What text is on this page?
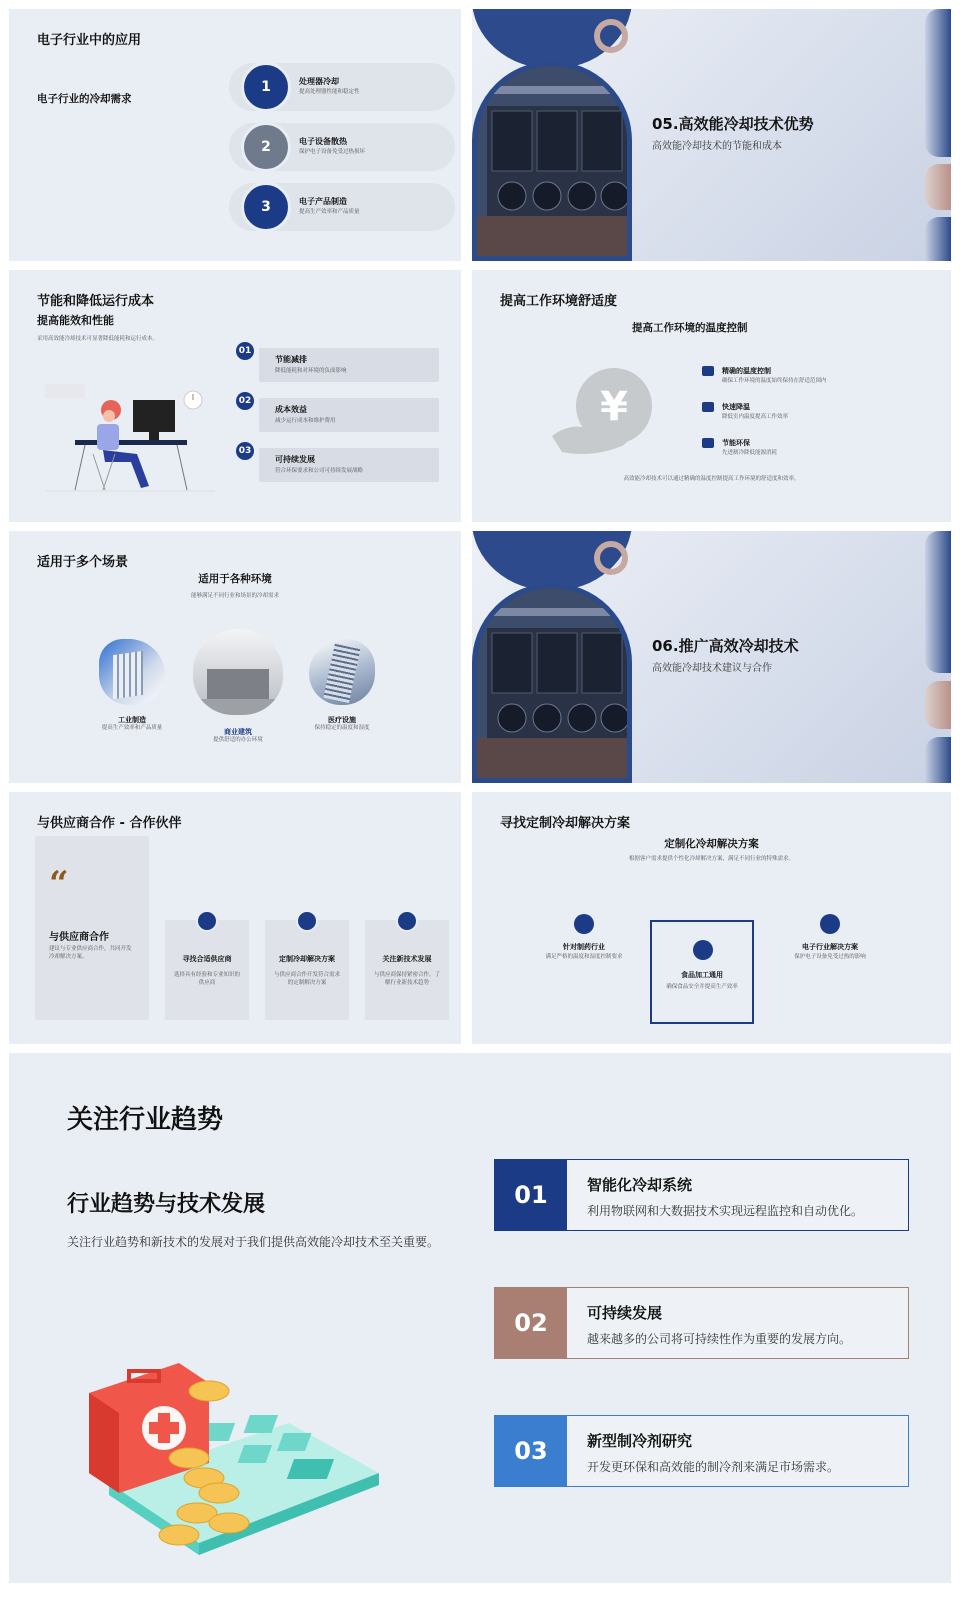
电子行业中的应用
电子行业的冷却需求
1	处理器冷却
提高处理器性能和稳定性
2	电子设备散热
保护电子设备免受过热损坏
3	电子产品制造
提高生产效率和产品质量
05.高效能冷却技术优势
高效能冷却技术的节能和成本
节能和降低运行成本
提高能效和性能
采用高效能冷却技术可显著降低能耗和运行成本。
01
节能减排
降低能耗和对环境的负面影响
02
成本效益
减少运行成本和维护费用
03
可持续发展
符合环保要求和公司可持续发展战略
提高工作环境舒适度
提高工作环境的温度控制
¥
精确的温度控制
确保工作环境的温度始终保持在舒适范围内
快速降温
降低室内温度提高工作效率
节能环保
先进制冷降低能源消耗
高效能冷却技术可以通过精确的温度控制提高工作环境的舒适度和效率。
适用于多个场景
适用于各种环境
能够满足不同行业和场景的冷却需求
工业制造
提高生产效率和产品质量	商业建筑
提供舒适的办公环境
医疗设施
保持稳定的温度和湿度
06.推广高效冷却技术
高效能冷却技术建议与合作
与供应商合作 - 合作伙伴
“
与供应商合作
建议与专业供应商合作，共同开发冷却解决方案。	寻找合适供应商
选择具有经验和专业知识的供应商
定制冷却解决方案
与供应商合作开发符合需求的定制解决方案
关注新技术发展
与供应商保持紧密合作，了解行业新技术趋势
寻找定制冷却解决方案
定制化冷却解决方案
根据客户需求提供个性化冷却解决方案，满足不同行业的特殊需求。
针对制药行业
满足严格的温度和湿度控制要求
食品加工通用
确保食品安全并提高生产效率
电子行业解决方案
保护电子设备免受过热的影响
关注行业趋势
行业趋势与技术发展
关注行业趋势和新技术的发展对于我们提供高效能冷却技术至关重要。
01	智能化冷却系统
利用物联网和大数据技术实现远程监控和自动优化。
02	可持续发展
越来越多的公司将可持续性作为重要的发展方向。
03	新型制冷剂研究
开发更环保和高效能的制冷剂来满足市场需求。
